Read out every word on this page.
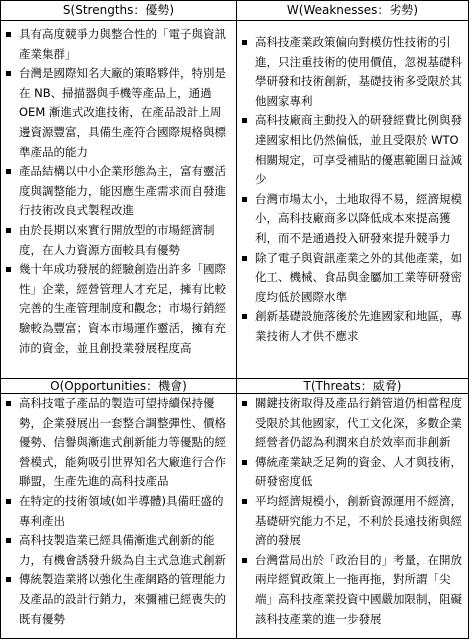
S(Strengths：優勢)
具有高度競爭力與整合性的「電子與資訊產業集群」
台灣是國際知名大廠的策略夥伴，特別是在 NB、掃描器與手機等產品上，通過 OEM 漸進式改進技術，在產品設計上周邊資源豐富，具備生產符合國際規格與標準產品的能力
產品結構以中小企業形態為主，富有靈活度與調整能力，能因應生產需求而自發進行技術改良式製程改進
由於長期以來實行開放型的市場經濟制度，在人力資源方面較具有優勢
幾十年成功發展的經驗創造出許多「國際性」企業，經營管理人才充足，擁有比較完善的生產管理制度和觀念；市場行銷經驗較為豐富；資本市場運作靈活，擁有充沛的資金，並且創投業發展程度高
W(Weaknesses：劣勢)
高科技產業政策偏向對模仿性技術的引進，只注重技術的使用價值，忽視基礎科學研發和技術創新，基礎技術多受限於其他國家專利
高科技廠商主動投入的研發經費比例與發達國家相比仍然偏低，並且受限於 WTO 相關規定，可享受補貼的優惠範圍日益減少
台灣市場太小，土地取得不易，經濟規模小，高科技廠商多以降低成本來提高獲利，而不是通過投入研發來提升競爭力
除了電子與資訊產業之外的其他產業，如化工、機械、食品與金屬加工業等研發密度均低於國際水準
創新基礎設施落後於先進國家和地區，專業技術人才供不應求
O(Opportunities：機會)
高科技電子產品的製造可望持續保持優勢，企業發展出一套整合調整彈性、價格優勢、信譽與漸進式創新能力等優點的經營模式，能夠吸引世界知名大廠進行合作聯盟，生產先進的高科技產品
在特定的技術領域(如半導體)具備旺盛的專利產出
高科技製造業已經具備漸進式創新的能力，有機會誘發升級為自主式急進式創新
傳統製造業將以強化生產網路的管理能力及產品的設計行銷力，來彌補已經喪失的既有優勢
T(Threats：威脅)
關鍵技術取得及產品行銷管道仍相當程度受限於其他國家，代工文化深，多數企業經營者仍認為利潤來自於效率而非創新
傳統產業缺乏足夠的資金、人才與技術，研發密度低
平均經濟規模小，創新資源運用不經濟，基礎研究能力不足，不利於長遠技術與經濟的發展
台灣當局出於「政治目的」考量，在開放兩岸經貿政策上一拖再拖，對所謂「尖端」高科技產業投資中國嚴加限制，阻礙該科技產業的進一步發展
